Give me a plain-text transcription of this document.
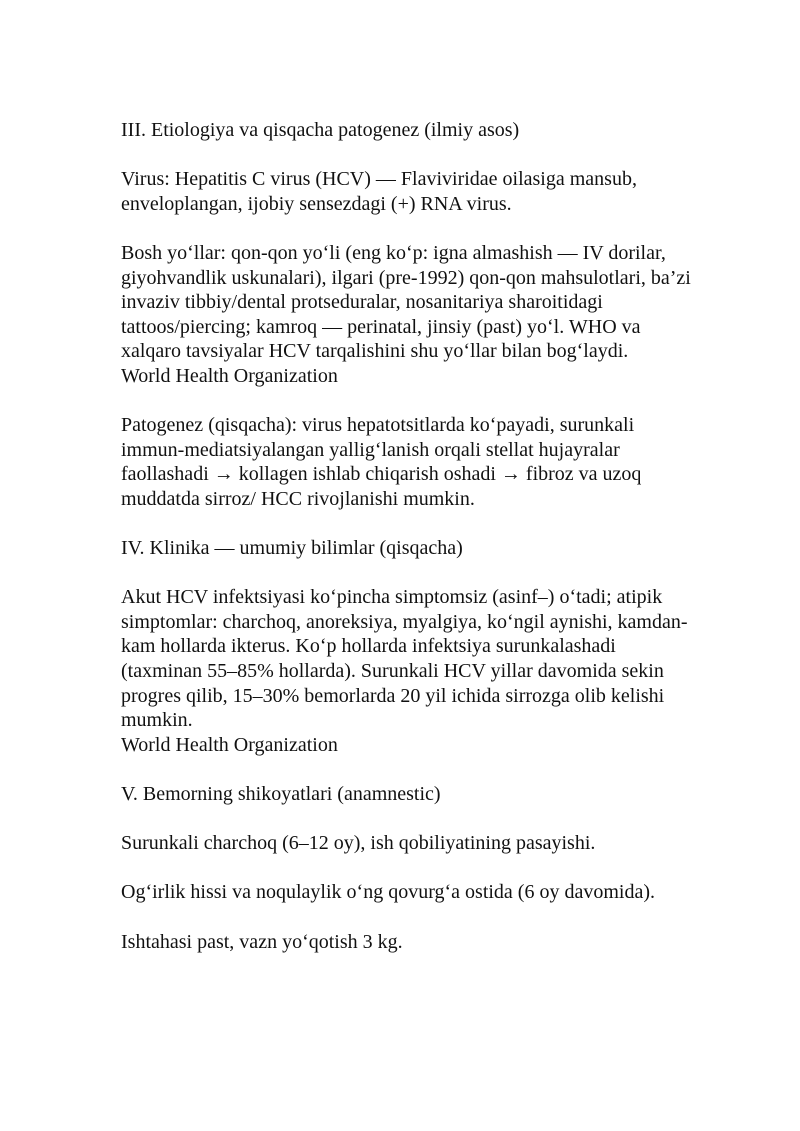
III. Etiologiya va qisqacha patogenez (ilmiy asos)

Virus: Hepatitis C virus (HCV) — Flaviviridae oilasiga mansub, enveloplangan, ijobiy sensezdagi (+) RNA virus.

Bosh yo‘llar: qon-qon yo‘li (eng ko‘p: igna almashish — IV dorilar, giyohvandlik uskunalari), ilgari (pre-1992) qon-qon mahsulotlari, ba’zi invaziv tibbiy/dental protseduralar, nosanitariya sharoitidagi tattoos/piercing; kamroq — perinatal, jinsiy (past) yo‘l. WHO va xalqaro tavsiyalar HCV tarqalishini shu yo‘llar bilan bog‘laydi.

World Health Organization

Patogenez (qisqacha): virus hepatotsitlarda ko‘payadi, surunkali immun-mediatsiyalangan yallig‘lanish orqali stellat hujayralar faollashadi → kollagen ishlab chiqarish oshadi → fibroz va uzoq muddatda sirroz/ HCC rivojlanishi mumkin.

IV. Klinika — umumiy bilimlar (qisqacha)

Akut HCV infektsiyasi ko‘pincha simptomsiz (asinf–) o‘tadi; atipik simptomlar: charchoq, anoreksiya, myalgiya, ko‘ngil aynishi, kamdan-kam hollarda ikterus. Ko‘p hollarda infektsiya surunkalashadi (taxminan 55–85% hollarda). Surunkali HCV yillar davomida sekin progres qilib, 15–30% bemorlarda 20 yil ichida sirrozga olib kelishi mumkin.

World Health Organization

V. Bemorning shikoyatlari (anamnestic)

Surunkali charchoq (6–12 oy), ish qobiliyatining pasayishi.

Og‘irlik hissi va noqulaylik o‘ng qovurg‘a ostida (6 oy davomida).

Ishtahasi past, vazn yo‘qotish 3 kg.
